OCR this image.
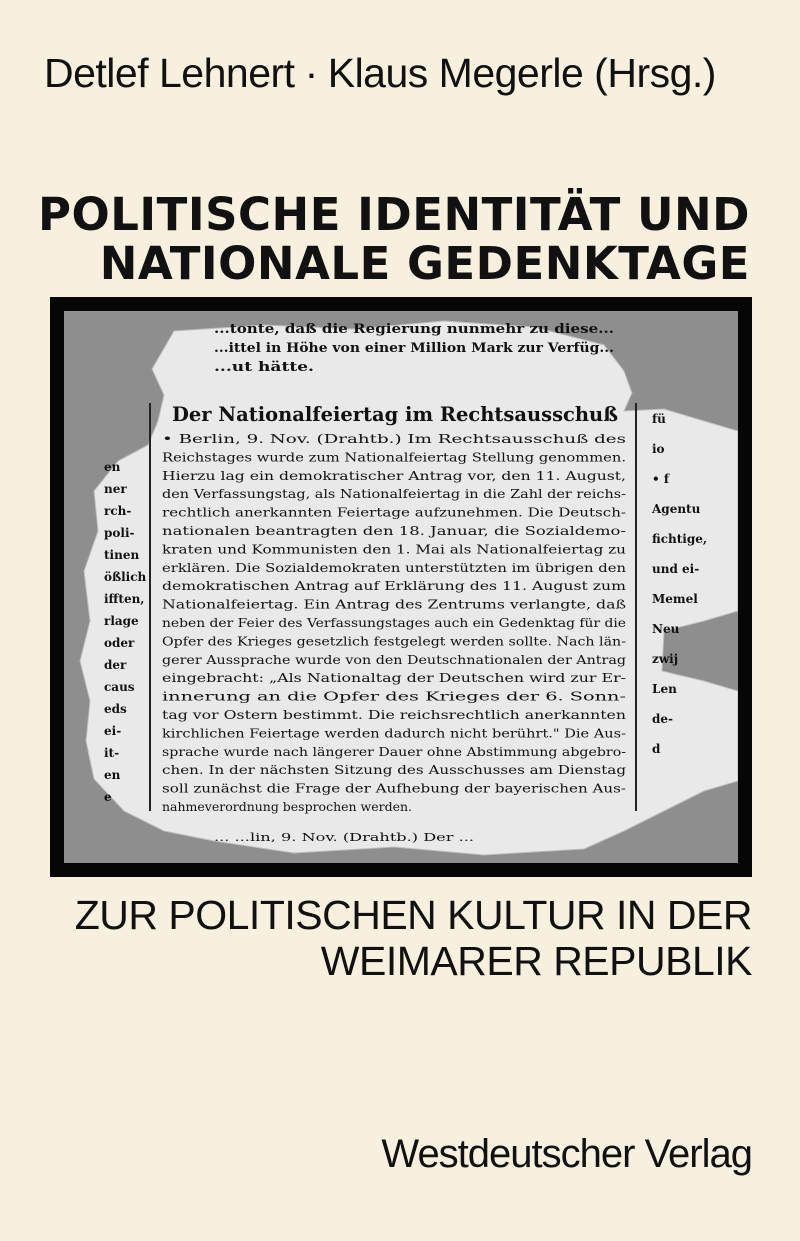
Detlef Lehnert · Klaus Megerle (Hrsg.)
POLITISCHE IDENTITÄT UND
NATIONALE GEDENKTAGE
...tonte, daß die Regierung nunmehr zu diese...
...ittel in Höhe von einer Million Mark zur Verfüg...
...ut hätte.
Der Nationalfeiertag im Rechtsausschuß
• Berlin, 9. Nov. (Drahtb.) Im Rechtsausschuß des
Reichstages wurde zum Nationalfeiertag Stellung genommen.
Hierzu lag ein demokratischer Antrag vor, den 11. August,
den Verfassungstag, als Nationalfeiertag in die Zahl der reichs-
rechtlich anerkannten Feiertage aufzunehmen. Die Deutsch-
nationalen beantragten den 18. Januar, die Sozialdemo-
kraten und Kommunisten den 1. Mai als Nationalfeiertag zu
erklären. Die Sozialdemokraten unterstützten im übrigen den
demokratischen Antrag auf Erklärung des 11. August zum
Nationalfeiertag. Ein Antrag des Zentrums verlangte, daß
neben der Feier des Verfassungstages auch ein Gedenktag für die
Opfer des Krieges gesetzlich festgelegt werden sollte. Nach län-
gerer Aussprache wurde von den Deutschnationalen der Antrag
eingebracht: „Als Nationaltag der Deutschen wird zur Er-
innerung an die Opfer des Krieges der 6. Sonn-
tag vor Ostern bestimmt. Die reichsrechtlich anerkannten
kirchlichen Feiertage werden dadurch nicht berührt." Die Aus-
sprache wurde nach längerer Dauer ohne Abstimmung abgebro-
chen. In der nächsten Sitzung des Ausschusses am Dienstag
soll zunächst die Frage der Aufhebung der bayerischen Aus-
nahmeverordnung besprochen werden.
... ...lin, 9. Nov. (Drahtb.) Der ...
en
ner
rch-
poli-
tinen
ößlich
ifften,
rlage
oder
der
caus
eds
ei-
it-
en
e
fü
io
• f
Agentu
fichtige,
und ei-
Memel
Neu
zwij
Len
de-
d
ZUR POLITISCHEN KULTUR IN DER
WEIMARER REPUBLIK
Westdeutscher Verlag
